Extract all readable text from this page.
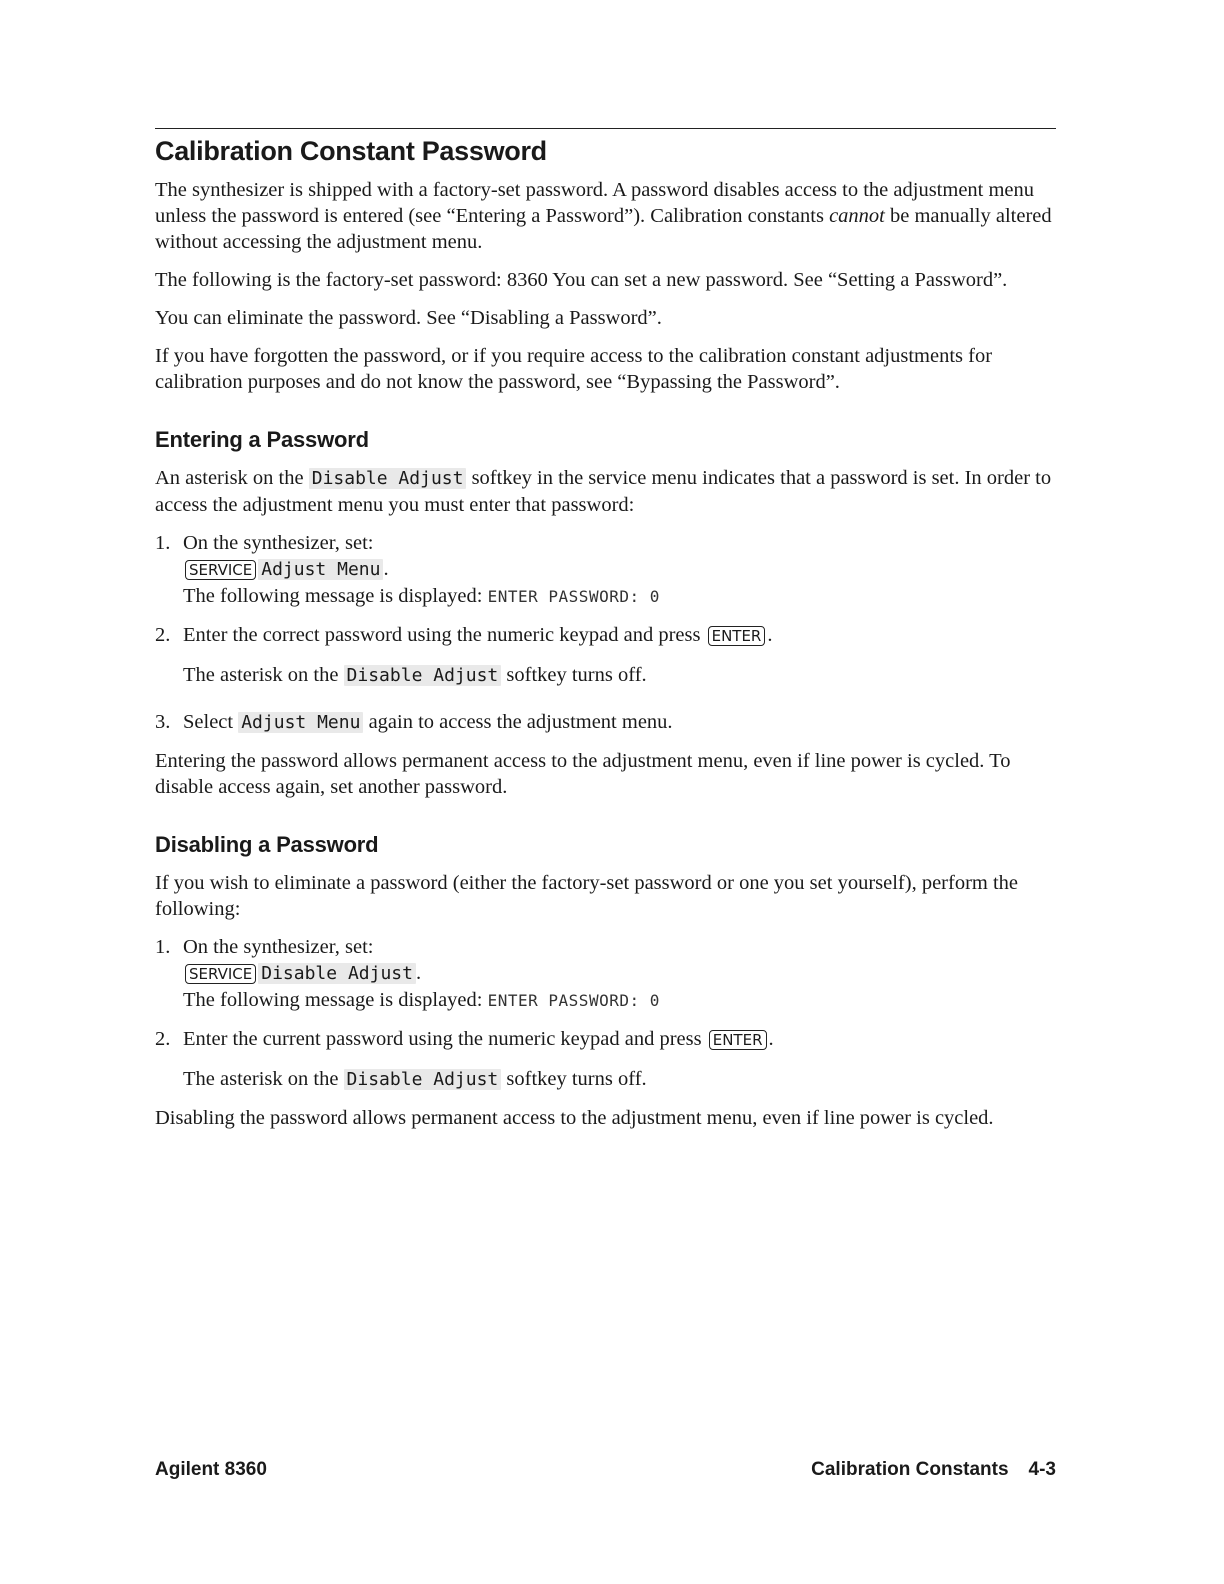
Calibration Constant Password

The synthesizer is shipped with a factory-set password. A password disables access to the adjustment menu unless the password is entered (see “Entering a Password”). Calibration constants cannot be manually altered without accessing the adjustment menu.

The following is the factory-set password: 8360 You can set a new password. See “Setting a Password”.

You can eliminate the password. See “Disabling a Password”.

If you have forgotten the password, or if you require access to the calibration constant adjustments for calibration purposes and do not know the password, see “Bypassing the Password”.

Entering a Password

An asterisk on the Disable Adjust softkey in the service menu indicates that a password is set. In order to access the adjustment menu you must enter that password:

1. On the synthesizer, set:
SERVICE Adjust Menu .

The following message is displayed: ENTER PASSWORD: 0

2. Enter the correct password using the numeric keypad and press ENTER .

The asterisk on the Disable Adjust softkey turns off.

3. Select Adjust Menu again to access the adjustment menu.

Entering the password allows permanent access to the adjustment menu, even if line power is cycled. To disable access again, set another password.

Disabling a Password

If you wish to eliminate a password (either the factory-set password or one you set yourself), perform the following:

1. On the synthesizer, set:
SERVICE Disable Adjust .

The following message is displayed: ENTER PASSWORD: 0

2. Enter the current password using the numeric keypad and press ENTER .

The asterisk on the Disable Adjust softkey turns off.

Disabling the password allows permanent access to the adjustment menu, even if line power is cycled.

Agilent 8360	Calibration Constants 4-3
